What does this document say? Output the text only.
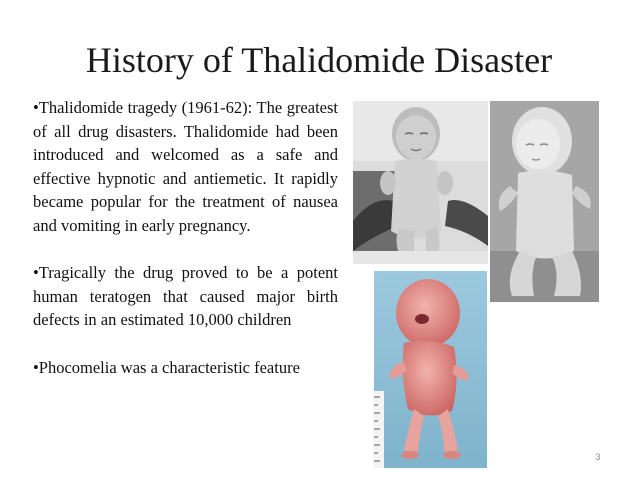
History of Thalidomide Disaster

•Thalidomide tragedy (1961-62): The greatest of all drug disasters. Thalidomide had been introduced and welcomed as a safe and effective hypnotic and antiemetic. It rapidly became popular for the treatment of nausea and vomiting in early pregnancy.

•Tragically the drug proved to be a potent human teratogen that caused major birth defects in an estimated 10,000 children

•Phocomelia was a characteristic feature

3
